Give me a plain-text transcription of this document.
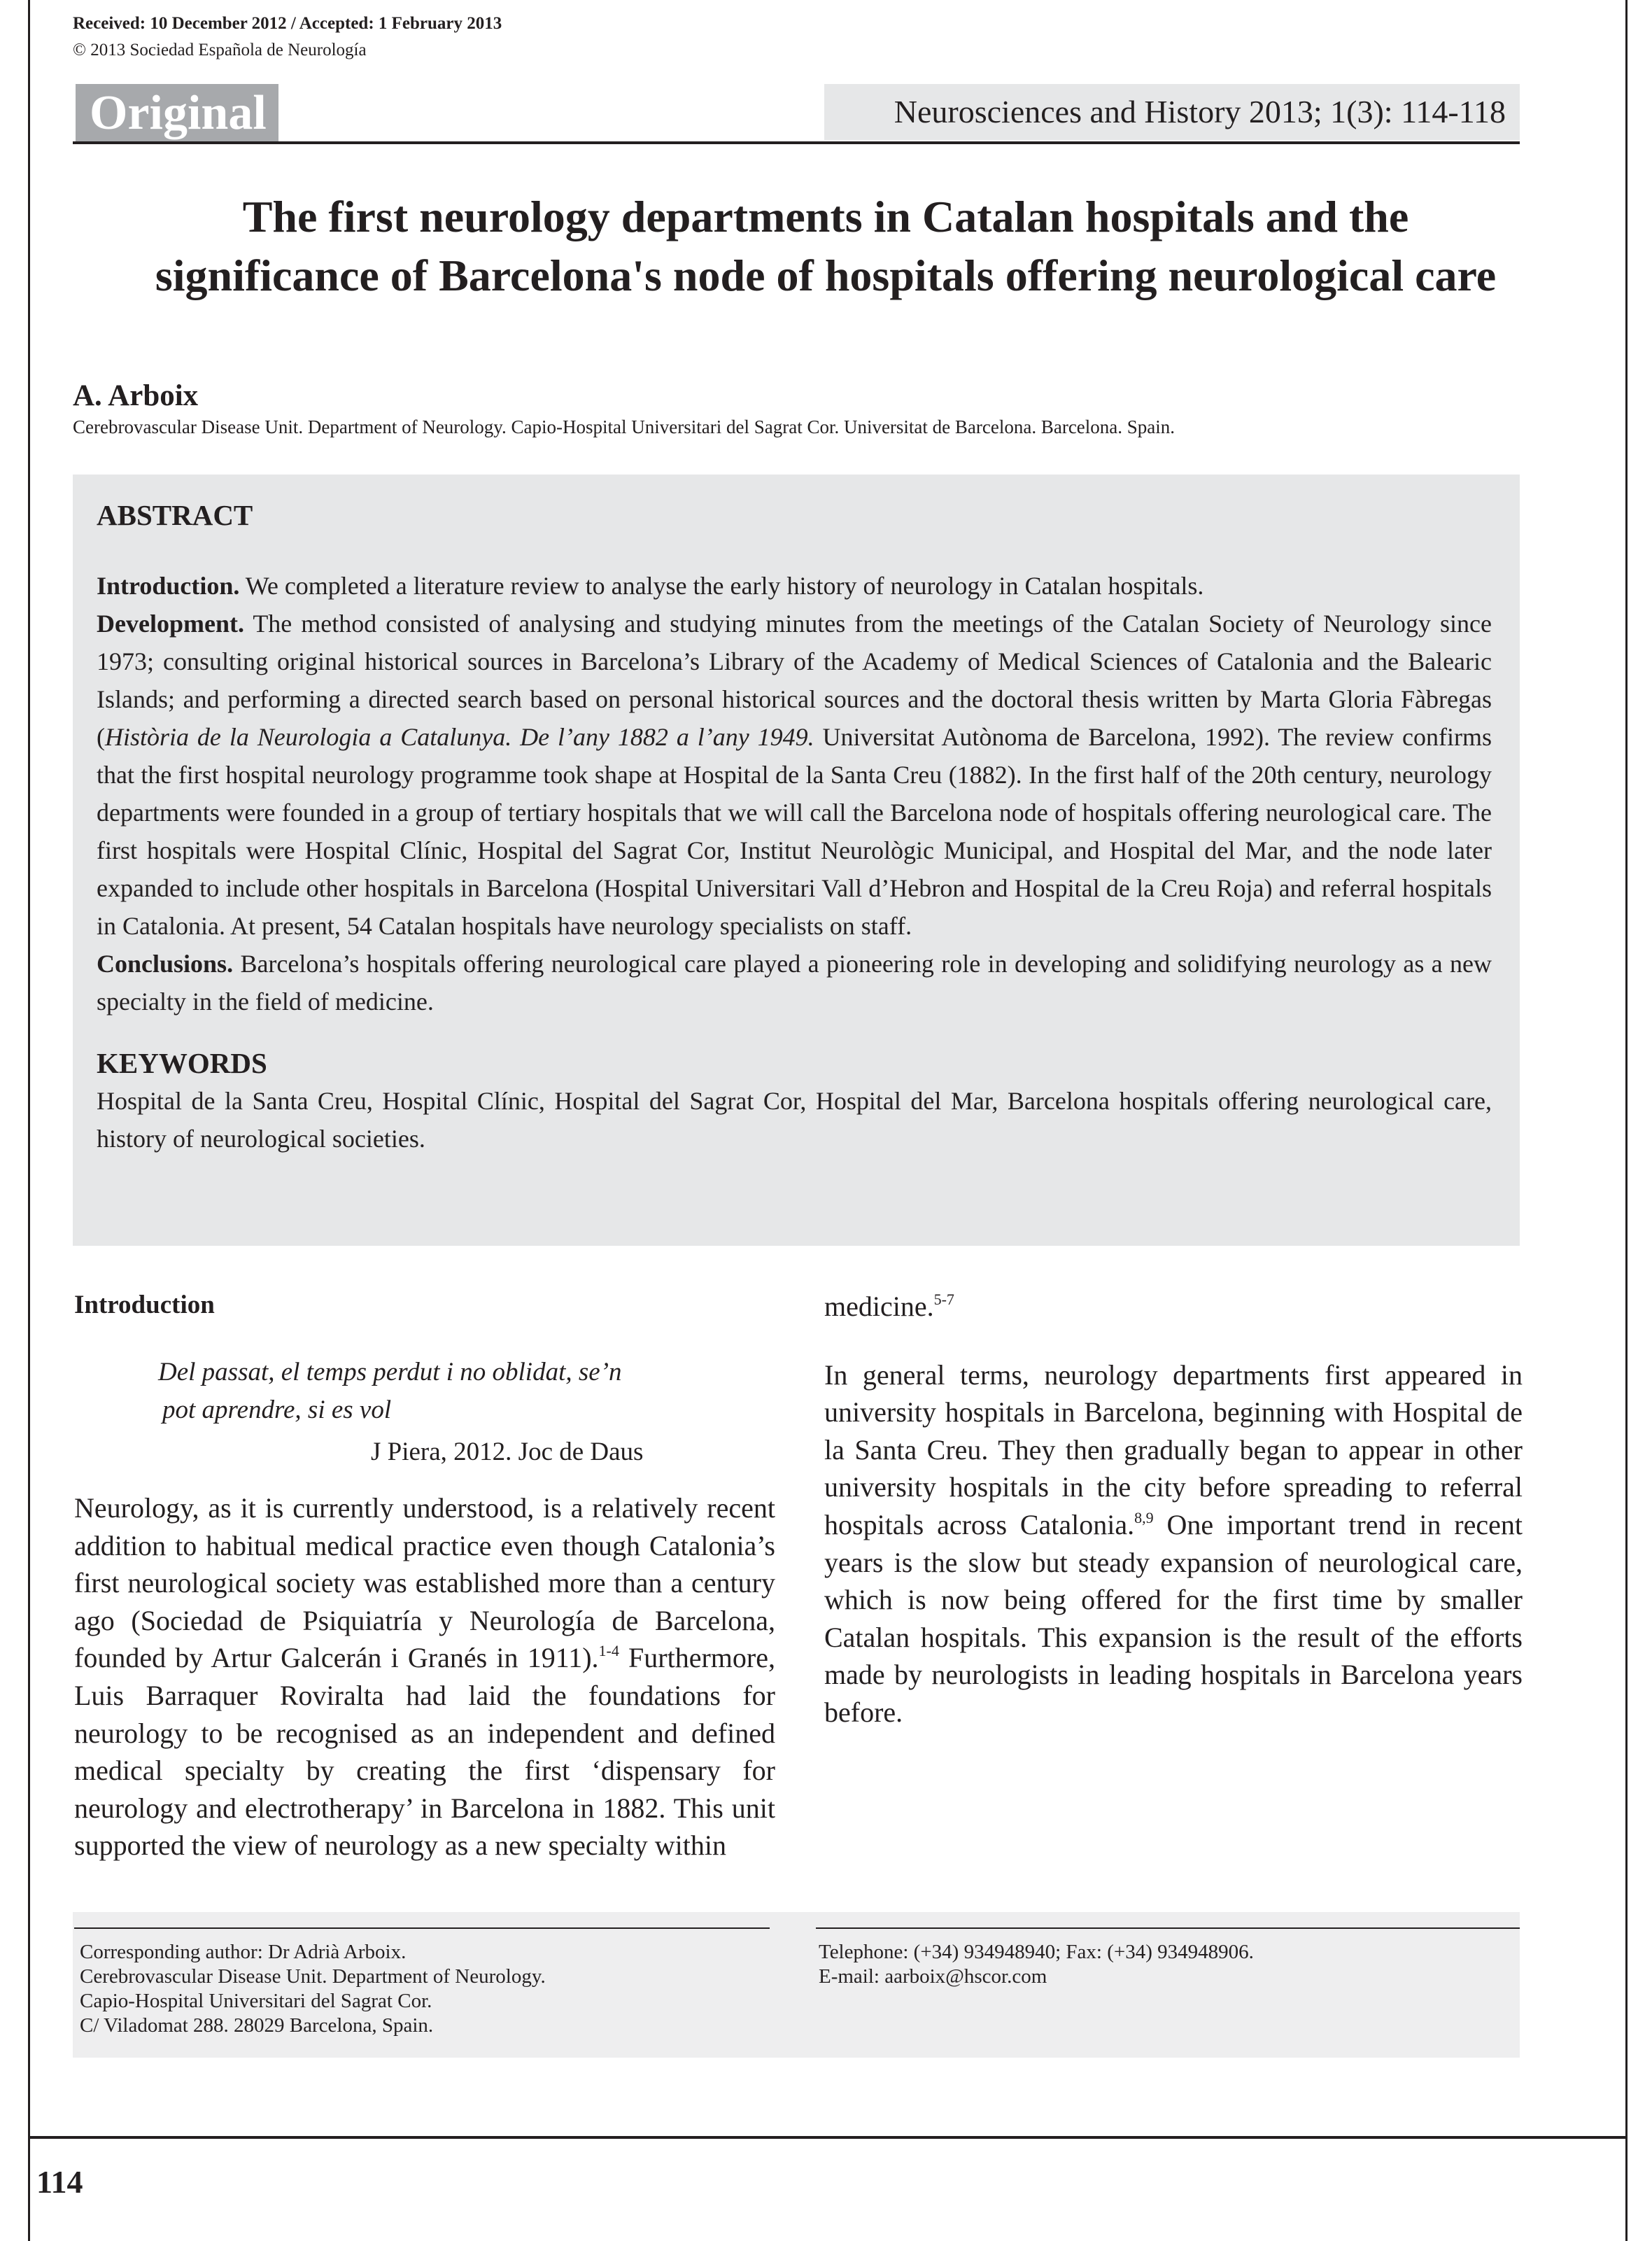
Received: 10 December 2012 / Accepted: 1 February 2013
© 2013 Sociedad Española de Neurología
Original	Neurosciences and History 2013; 1(3): 114-118
The first neurology departments in Catalan hospitals and the significance of Barcelona's node of hospitals offering neurological care
A. Arboix
Cerebrovascular Disease Unit. Department of Neurology. Capio-Hospital Universitari del Sagrat Cor. Universitat de Barcelona. Barcelona. Spain.
ABSTRACT

Introduction. We completed a literature review to analyse the early history of neurology in Catalan hospitals.

Development. The method consisted of analysing and studying minutes from the meetings of the Catalan Society of Neurology since 1973; consulting original historical sources in Barcelona’s Library of the Academy of Medical Sciences of Catalonia and the Balearic Islands; and performing a directed search based on personal historical sources and the doctoral thesis written by Marta Gloria Fàbregas (Història de la Neurologia a Catalunya. De l’any 1882 a l’any 1949. Universitat Autònoma de Barcelona, 1992). The review confirms that the first hospital neurology programme took shape at Hospital de la Santa Creu (1882). In the first half of the 20th century, neurology departments were founded in a group of tertiary hospitals that we will call the Barcelona node of hospitals offering neurological care. The first hospitals were Hospital Clínic, Hospital del Sagrat Cor, Institut Neurològic Municipal, and Hospital del Mar, and the node later expanded to include other hospitals in Barcelona (Hospital Universitari Vall d’Hebron and Hospital de la Creu Roja) and referral hospitals in Catalonia. At present, 54 Catalan hospitals have neurology specialists on staff.

Conclusions. Barcelona’s hospitals offering neurological care played a pioneering role in developing and solidifying neurology as a new specialty in the field of medicine.

KEYWORDS

Hospital de la Santa Creu, Hospital Clínic, Hospital del Sagrat Cor, Hospital del Mar, Barcelona hospitals offering neurological care, history of neurological societies.

Introduction

Del passat, el temps perdut i no oblidat, se’n
pot aprendre, si es vol

J Piera, 2012. Joc de Daus

Neurology, as it is currently understood, is a relatively recent addition to habitual medical practice even though Catalonia’s first neurological society was established more than a century ago (Sociedad de Psiquiatría y Neurología de Barcelona, founded by Artur Galcerán i Granés in 1911).$^{1-4}$ Furthermore, Luis Barraquer Roviralta had laid the foundations for neurology to be recognised as an independent and defined medical specialty by creating the first ‘dispensary for neurology and electrotherapy’ in Barcelona in 1882. This unit supported the view of neurology as a new specialty within

medicine.$^{5-7}$

In general terms, neurology departments first appeared in university hospitals in Barcelona, beginning with Hospital de la Santa Creu. They then gradually began to appear in other university hospitals in the city before spreading to referral hospitals across Catalonia.$^{8,9}$ One important trend in recent years is the slow but steady expansion of neurological care, which is now being offered for the first time by smaller Catalan hospitals. This expansion is the result of the efforts made by neurologists in leading hospitals in Barcelona years before.

Corresponding author: Dr Adrià Arboix.
Cerebrovascular Disease Unit. Department of Neurology.
Capio-Hospital Universitari del Sagrat Cor.
C/ Viladomat 288. 28029 Barcelona, Spain.
Telephone: (+34) 934948940; Fax: (+34) 934948906.
E-mail: aarboix@hscor.com
114
